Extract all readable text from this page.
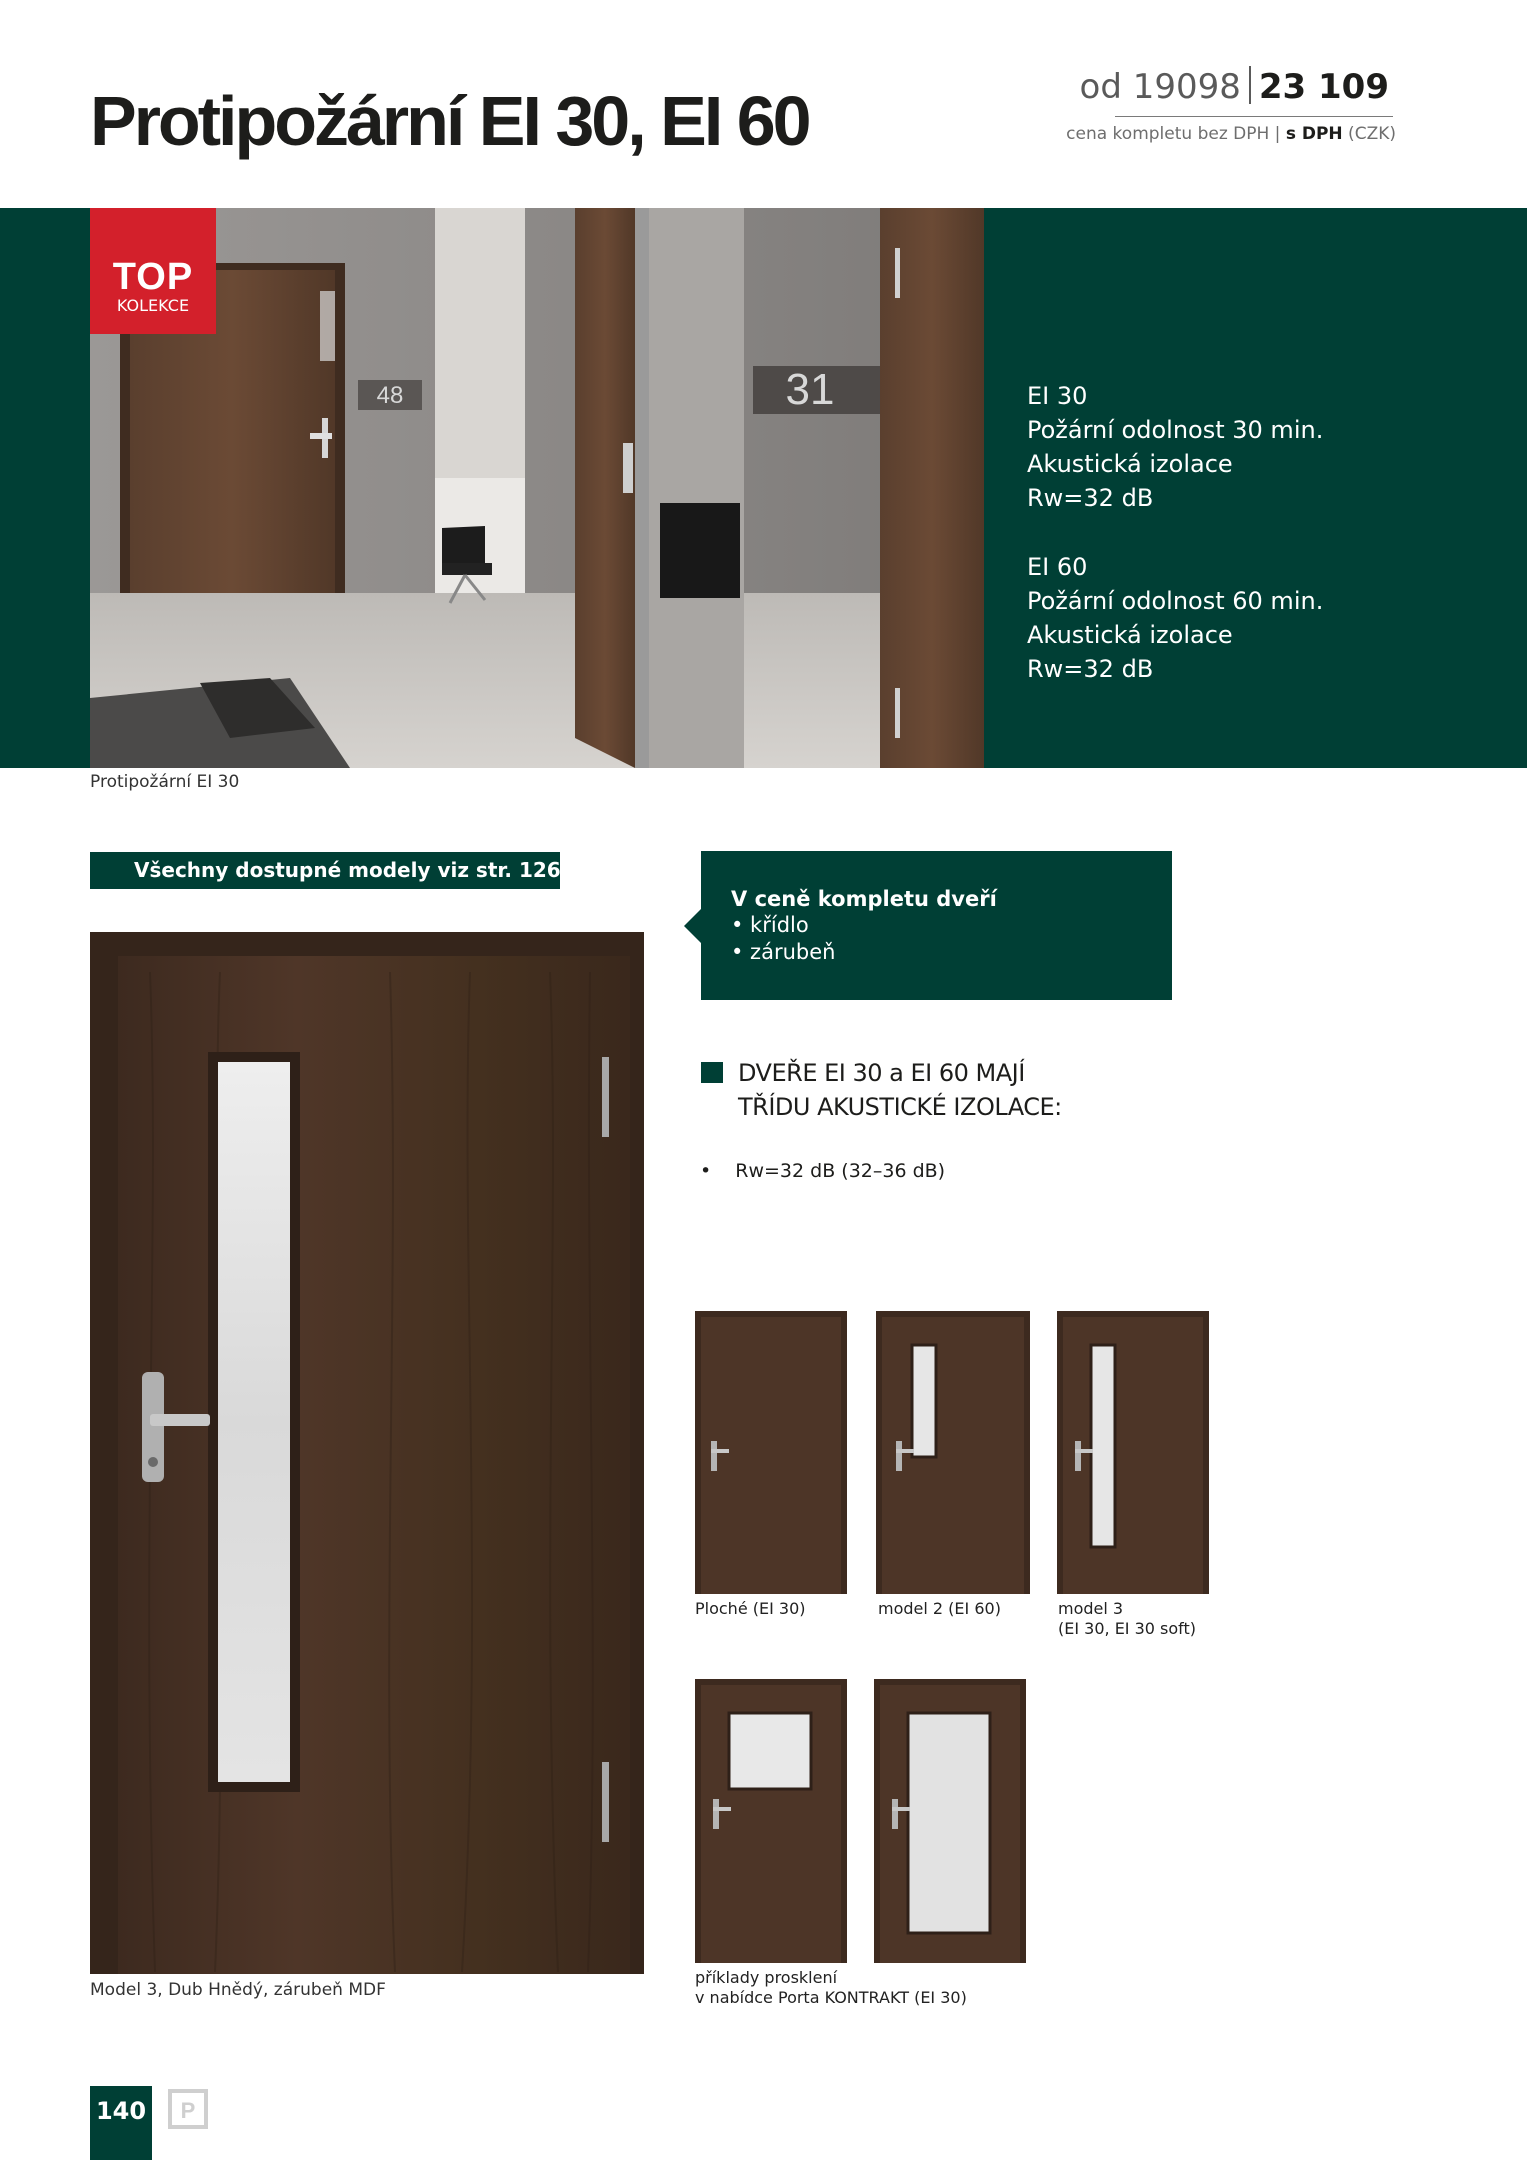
Protipožární EI 30, EI 60	od 19098 23 109
cena kompletu bez DPH | s DPH (CZK)
48	31
TOP
KOLEKCE
EI 30
Požární odolnost 30 min.
Akustická izolace
Rw=32 dB
EI 60
Požární odolnost 60 min.
Akustická izolace
Rw=32 dB
Protipožární EI 30
Všechny dostupné modely viz str. 126
Model 3, Dub Hnědý, zárubeň MDF
V ceně kompletu dveří
• křídlo
• zárubeň
DVEŘE EI 30 a EI 60 MAJÍ
TŘÍDU AKUSTICKÉ IZOLACE:
• Rw=32 dB (32–36 dB)
Ploché (EI 30)	model 2 (EI 60)	model 3
(EI 30, EI 30 soft)
příklady prosklení
v nabídce Porta KONTRAKT (EI 30)
140 P
